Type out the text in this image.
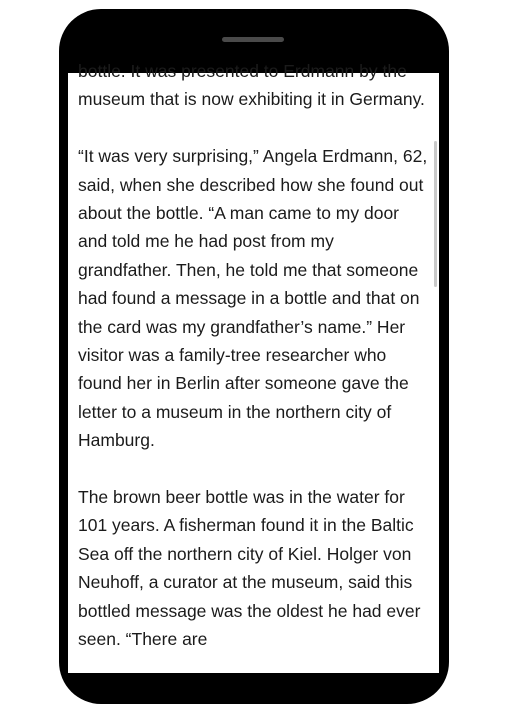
bottle. It was presented to Erdmann by the museum that is now exhibiting it in Germany.

“It was very surprising,” Angela Erdmann, 62, said, when she described how she found out about the bottle. “A man came to my door and told me he had post from my grandfather. Then, he told me that someone had found a message in a bottle and that on the card was my grandfather’s name.” Her visitor was a family-tree researcher who found her in Berlin after someone gave the letter to a museum in the northern city of Hamburg.

The brown beer bottle was in the water for 101 years. A fisherman found it in the Baltic Sea off the northern city of Kiel. Holger von Neuhoff, a curator at the museum, said this bottled message was the oldest he had ever seen. “There are
